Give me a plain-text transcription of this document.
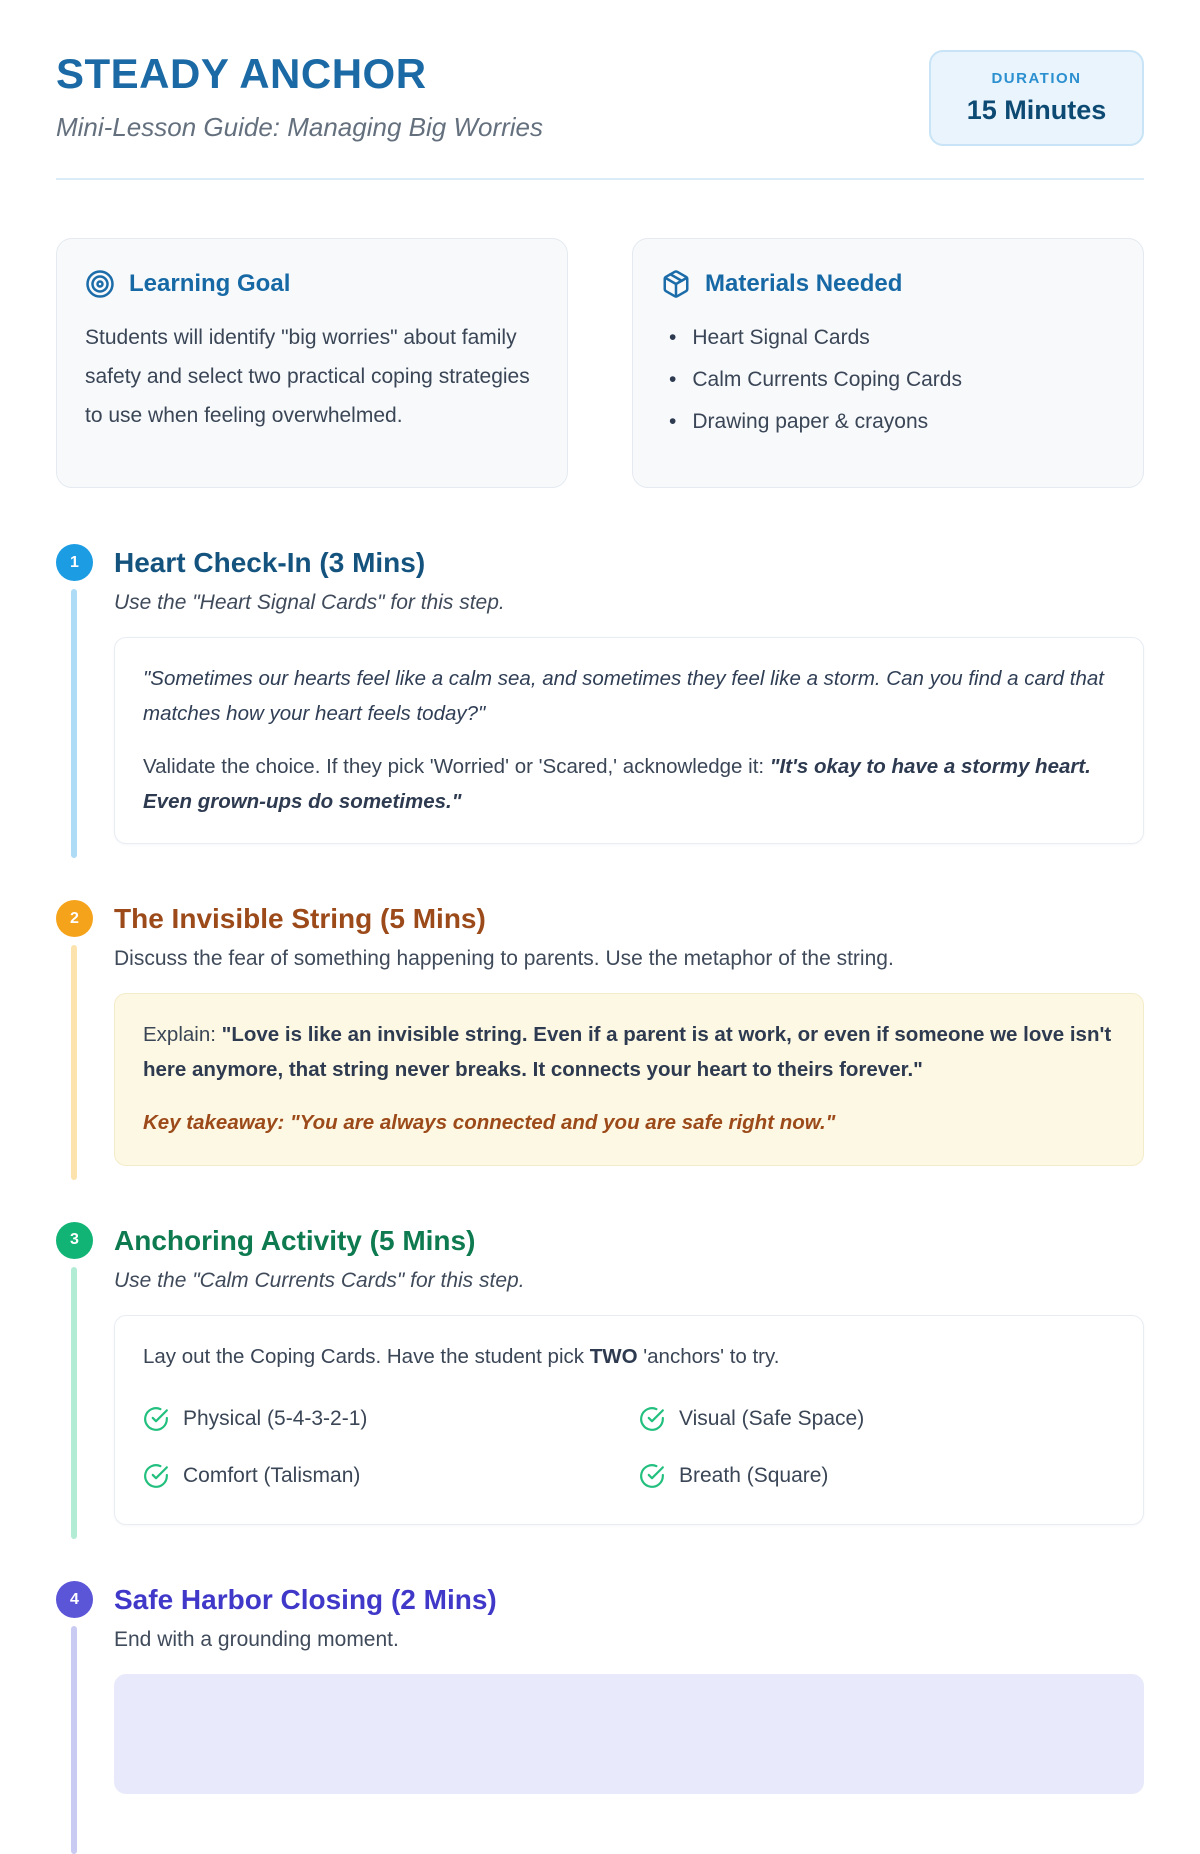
STEADY ANCHOR
Mini-Lesson Guide: Managing Big Worries
DURATION
15 Minutes
Learning Goal
Students will identify "big worries" about family safety and select two practical coping strategies to use when feeling overwhelmed.
Materials Needed
• Heart Signal Cards
• Calm Currents Coping Cards
• Drawing paper & crayons
1	Heart Check-In (3 Mins)
Use the "Heart Signal Cards" for this step.

"Sometimes our hearts feel like a calm sea, and sometimes they feel like a storm. Can you find a card that matches how your heart feels today?"

Validate the choice. If they pick 'Worried' or 'Scared,' acknowledge it: "It's okay to have a stormy heart. Even grown-ups do sometimes."

2	The Invisible String (5 Mins)
Discuss the fear of something happening to parents. Use the metaphor of the string.

Explain: "Love is like an invisible string. Even if a parent is at work, or even if someone we love isn't here anymore, that string never breaks. It connects your heart to theirs forever."

Key takeaway: "You are always connected and you are safe right now."

3	Anchoring Activity (5 Mins)
Use the "Calm Currents Cards" for this step.

Lay out the Coping Cards. Have the student pick TWO 'anchors' to try.

Physical (5-4-3-2-1)	Visual (Safe Space)
Comfort (Talisman)	Breath (Square)
4	Safe Harbor Closing (2 Mins)
End with a grounding moment.
